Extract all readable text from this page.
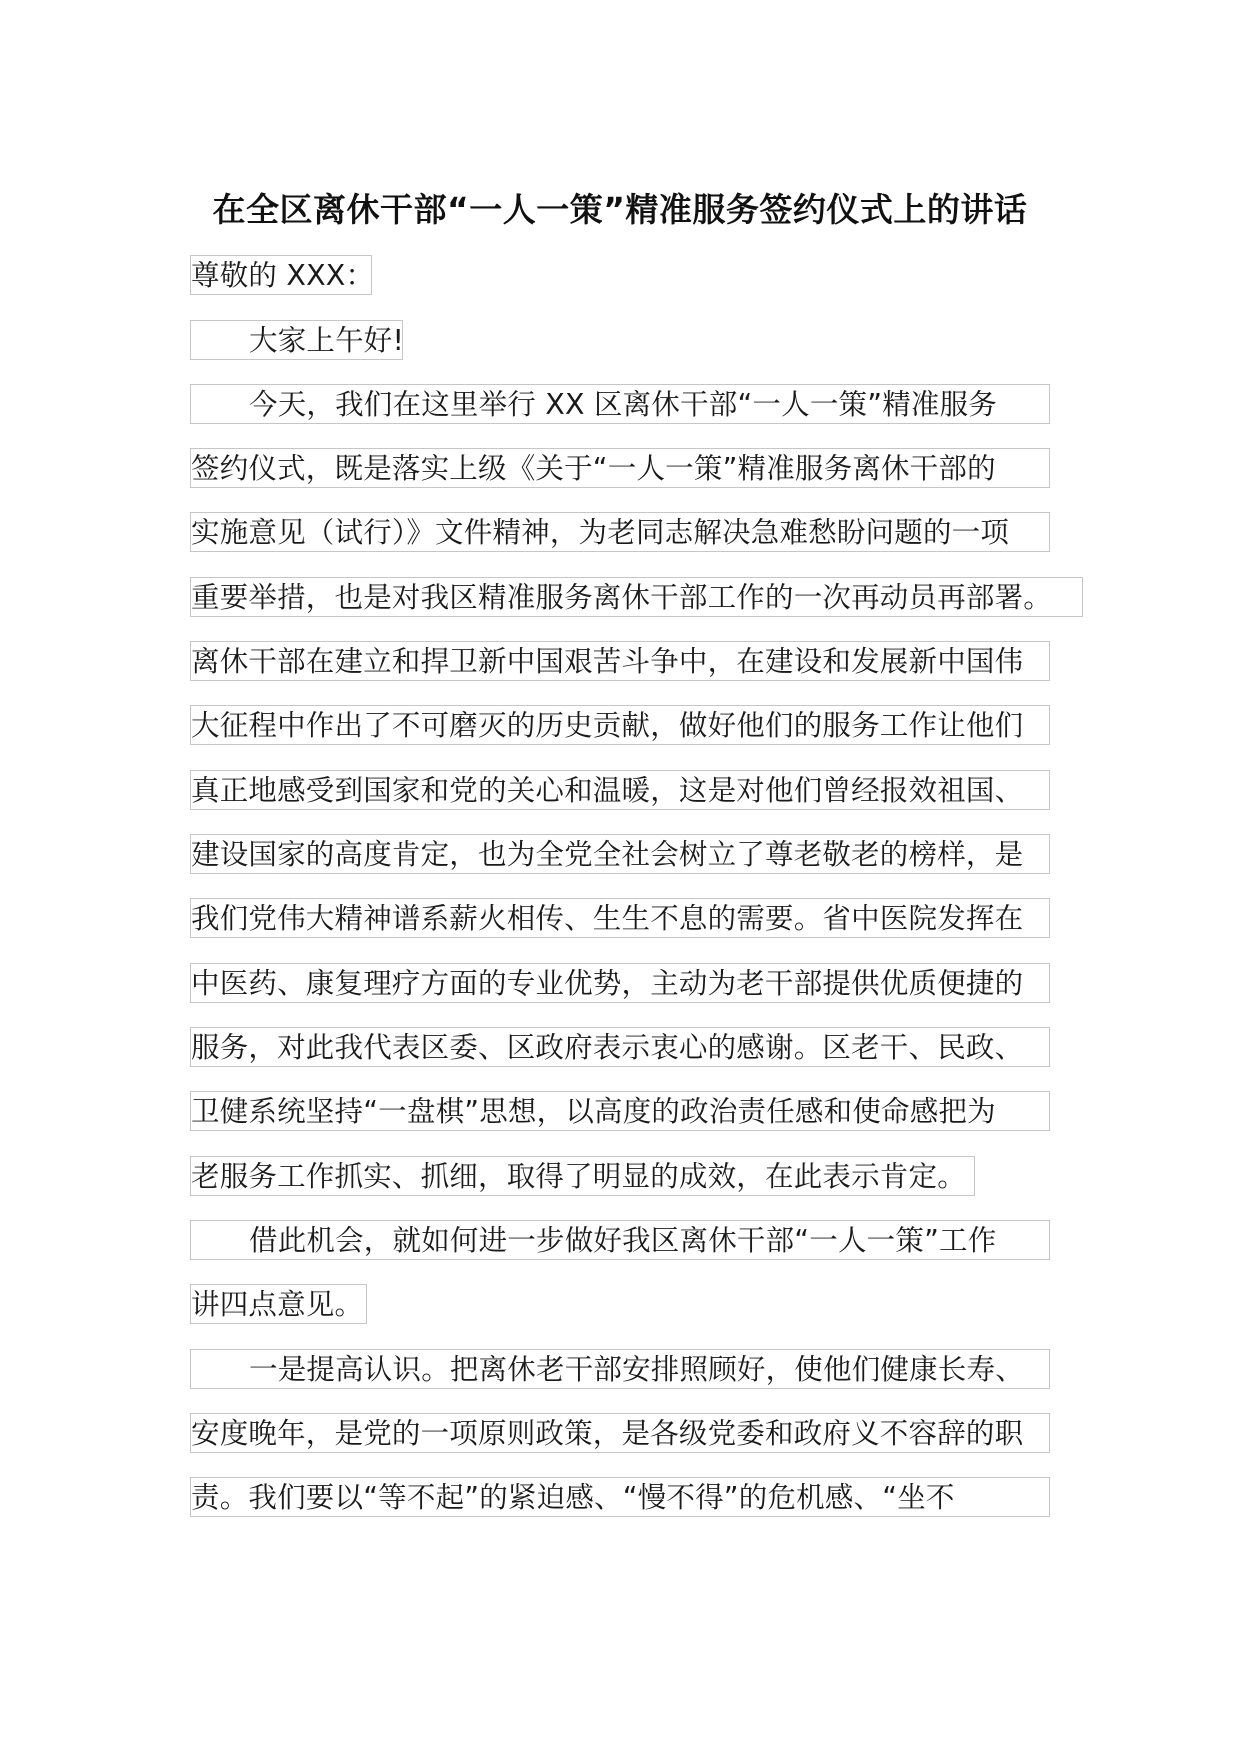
在全区离休干部“一人一策”精准服务签约仪式上的讲话
尊敬的 XXX：
大家上午好!
今天，我们在这里举行 XX 区离休干部“一人一策”精准服务
签约仪式，既是落实上级《关于“一人一策”精准服务离休干部的
实施意见（试行）》文件精神，为老同志解决急难愁盼问题的一项
重要举措，也是对我区精准服务离休干部工作的一次再动员再部署。
离休干部在建立和捍卫新中国艰苦斗争中，在建设和发展新中国伟
大征程中作出了不可磨灭的历史贡献，做好他们的服务工作让他们
真正地感受到国家和党的关心和温暖，这是对他们曾经报效祖国、
建设国家的高度肯定，也为全党全社会树立了尊老敬老的榜样，是
我们党伟大精神谱系薪火相传、生生不息的需要。省中医院发挥在
中医药、康复理疗方面的专业优势，主动为老干部提供优质便捷的
服务，对此我代表区委、区政府表示衷心的感谢。区老干、民政、
卫健系统坚持“一盘棋”思想，以高度的政治责任感和使命感把为
老服务工作抓实、抓细，取得了明显的成效，在此表示肯定。
借此机会，就如何进一步做好我区离休干部“一人一策”工作
讲四点意见。
一是提高认识。把离休老干部安排照顾好，使他们健康长寿、
安度晚年，是党的一项原则政策，是各级党委和政府义不容辞的职
责。我们要以“等不起”的紧迫感、“慢不得”的危机感、“坐不
